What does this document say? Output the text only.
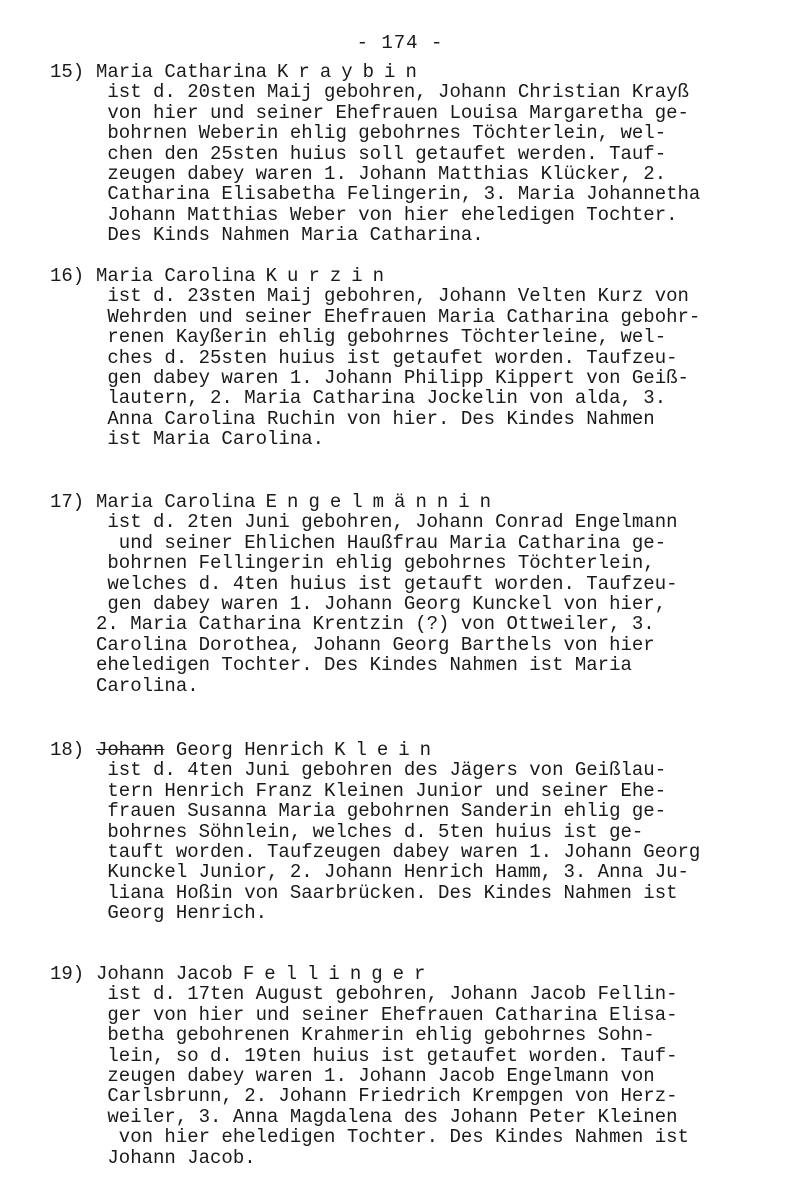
- 174 -
15) Maria Catharina Kraybin
ist d. 20sten Maij gebohren, Johann Christian Krayß
von hier und seiner Ehefrauen Louisa Margaretha ge-
bohrnen Weberin ehlig gebohrnes Töchterlein, wel-
chen den 25sten huius soll getaufet werden. Tauf-
zeugen dabey waren 1. Johann Matthias Klücker, 2.
Catharina Elisabetha Felingerin, 3. Maria Johannetha
Johann Matthias Weber von hier eheledigen Tochter.
Des Kinds Nahmen Maria Catharina.
16) Maria Carolina Kurzin
ist d. 23sten Maij gebohren, Johann Velten Kurz von
Wehrden und seiner Ehefrauen Maria Catharina gebohr-
renen Kayßerin ehlig gebohrnes Töchterleine, wel-
ches d. 25sten huius ist getaufet worden. Taufzeu-
gen dabey waren 1. Johann Philipp Kippert von Geiß-
lautern, 2. Maria Catharina Jockelin von alda, 3.
Anna Carolina Ruchin von hier. Des Kindes Nahmen
ist Maria Carolina.
17) Maria Carolina Engelmännin
ist d. 2ten Juni gebohren, Johann Conrad Engelmann
und seiner Ehlichen Haußfrau Maria Catharina ge-
bohrnen Fellingerin ehlig gebohrnes Töchterlein,
welches d. 4ten huius ist getauft worden. Taufzeu-
gen dabey waren 1. Johann Georg Kunckel von hier,
2. Maria Catharina Krentzin (?) von Ottweiler, 3.
Carolina Dorothea, Johann Georg Barthels von hier
eheledigen Tochter. Des Kindes Nahmen ist Maria
Carolina.
18) Johann Georg Henrich Klein
ist d. 4ten Juni gebohren des Jägers von Geißlau-
tern Henrich Franz Kleinen Junior und seiner Ehe-
frauen Susanna Maria gebohrnen Sanderin ehlig ge-
bohrnes Söhnlein, welches d. 5ten huius ist ge-
tauft worden. Taufzeugen dabey waren 1. Johann Georg
Kunckel Junior, 2. Johann Henrich Hamm, 3. Anna Ju-
liana Hoßin von Saarbrücken. Des Kindes Nahmen ist
Georg Henrich.
19) Johann Jacob Fellinger
ist d. 17ten August gebohren, Johann Jacob Fellin-
ger von hier und seiner Ehefrauen Catharina Elisa-
betha gebohrenen Krahmerin ehlig gebohrnes Sohn-
lein, so d. 19ten huius ist getaufet worden. Tauf-
zeugen dabey waren 1. Johann Jacob Engelmann von
Carlsbrunn, 2. Johann Friedrich Krempgen von Herz-
weiler, 3. Anna Magdalena des Johann Peter Kleinen
von hier eheledigen Tochter. Des Kindes Nahmen ist
Johann Jacob.
